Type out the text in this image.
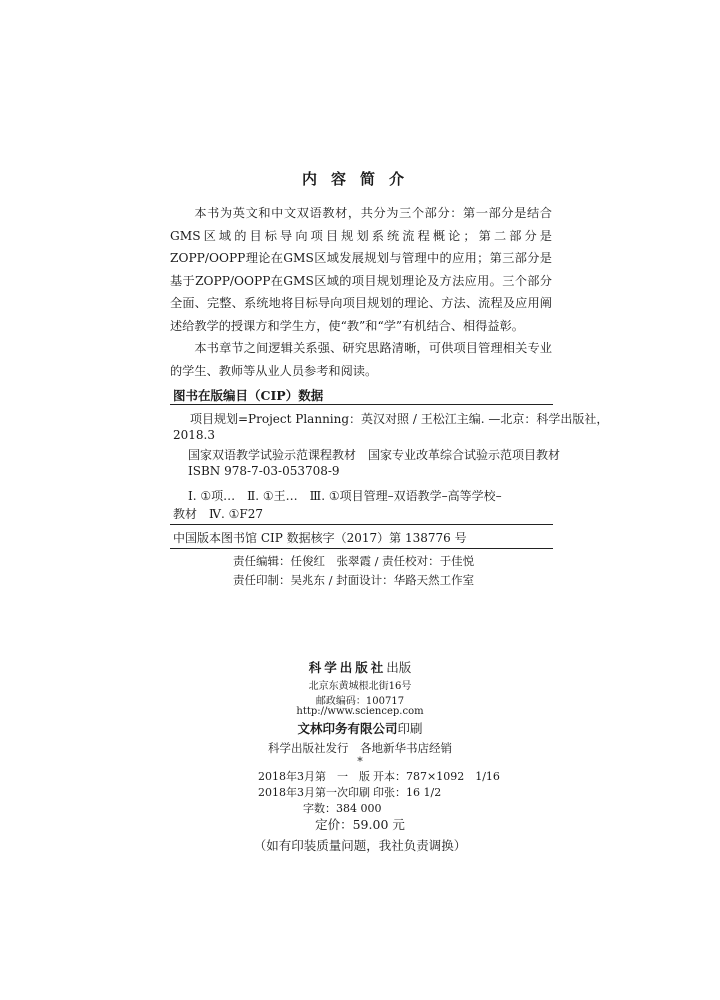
内容简介

本书为英文和中文双语教材，共分为三个部分：第一部分是结合GMS区域的目标导向项目规划系统流程概论；第二部分是ZOPP/OOPP理论在GMS区域发展规划与管理中的应用；第三部分是基于ZOPP/OOPP在GMS区域的项目规划理论及方法应用。三个部分全面、完整、系统地将目标导向项目规划的理论、方法、流程及应用阐述给教学的授课方和学生方，使“教”和“学”有机结合、相得益彰。

本书章节之间逻辑关系强、研究思路清晰，可供项目管理相关专业的学生、教师等从业人员参考和阅读。

图书在版编目（CIP）数据
项目规划=Project Planning：英汉对照 / 王松江主编. —北京：科学出版社，
2018.3
国家双语教学试验示范课程教材　国家专业改革综合试验示范项目教材
ISBN 978-7-03-053708-9
Ⅰ. ①项…　Ⅱ. ①王…　Ⅲ. ①项目管理–双语教学–高等学校–
教材　Ⅳ. ①F27
中国版本图书馆 CIP 数据核字（2017）第 138776 号
责任编辑：任俊红　张翠霞 / 责任校对：于佳悦
责任印制：吴兆东 / 封面设计：华路天然工作室
科学出版社出版
北京东黄城根北街16号
邮政编码：100717
http://www.sciencep.com
文林印务有限公司印刷
科学出版社发行　各地新华书店经销
*
2018年3月第　一　版 开本：787×1092　1/16
2018年3月第一次印刷 印张：16 1/2
字数：384 000
定价：59.00 元
（如有印装质量问题，我社负责调换）
